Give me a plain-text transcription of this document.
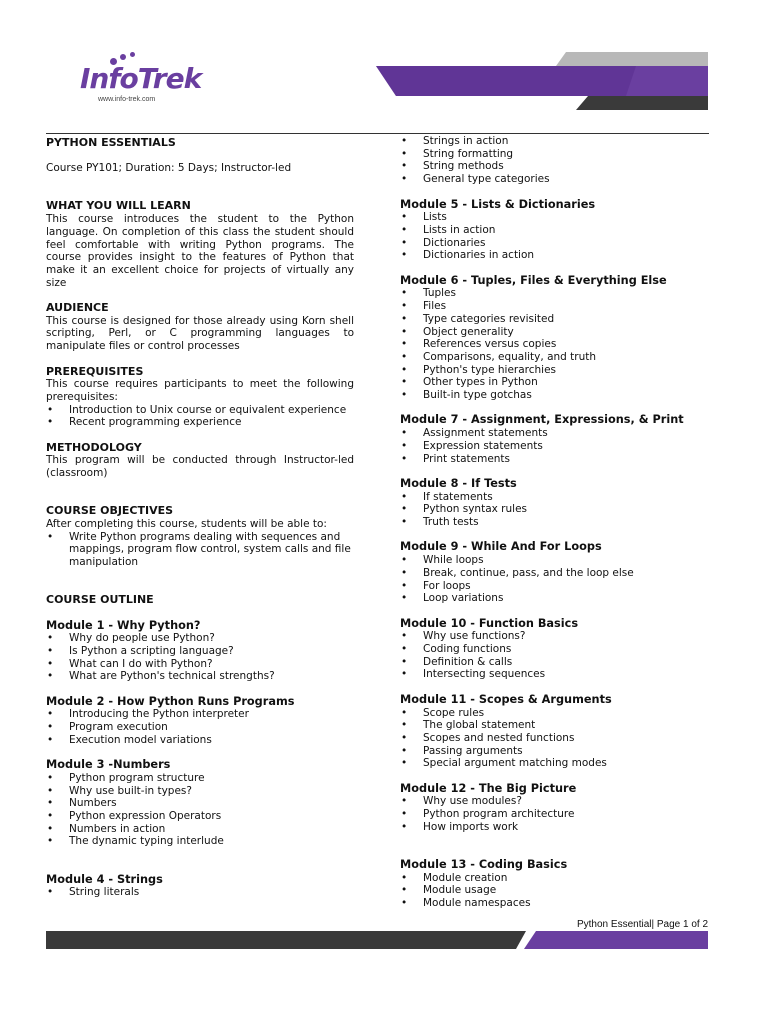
InfoTrek
www.info-trek.com
PYTHON ESSENTIALS
Course PY101; Duration: 5 Days; Instructor-led
WHAT YOU WILL LEARN

This course introduces the student to the Python language. On completion of this class the student should feel comfortable with writing Python programs. The course provides insight to the features of Python that make it an excellent choice for projects of virtually any size

AUDIENCE

This course is designed for those already using Korn shell scripting, Perl, or C programming languages to manipulate files or control processes

PREREQUISITES

This course requires participants to meet the following prerequisites:

• Introduction to Unix course or equivalent experience
• Recent programming experience
METHODOLOGY

This program will be conducted through Instructor-led (classroom)

COURSE OBJECTIVES

After completing this course, students will be able to:

• Write Python programs dealing with sequences and mappings, program flow control, system calls and file manipulation
COURSE OUTLINE
Module 1 - Why Python?
• Why do people use Python?
• Is Python a scripting language?
• What can I do with Python?
• What are Python's technical strengths?
Module 2 - How Python Runs Programs
• Introducing the Python interpreter
• Program execution
• Execution model variations
Module 3 -Numbers
• Python program structure
• Why use built-in types?
• Numbers
• Python expression Operators
• Numbers in action
• The dynamic typing interlude
Module 4 - Strings
• String literals
• Strings in action
• String formatting
• String methods
• General type categories
Module 5 - Lists & Dictionaries
• Lists
• Lists in action
• Dictionaries
• Dictionaries in action
Module 6 - Tuples, Files & Everything Else
• Tuples
• Files
• Type categories revisited
• Object generality
• References versus copies
• Comparisons, equality, and truth
• Python's type hierarchies
• Other types in Python
• Built-in type gotchas
Module 7 - Assignment, Expressions, & Print
• Assignment statements
• Expression statements
• Print statements
Module 8 - If Tests
• If statements
• Python syntax rules
• Truth tests
Module 9 - While And For Loops
• While loops
• Break, continue, pass, and the loop else
• For loops
• Loop variations
Module 10 - Function Basics
• Why use functions?
• Coding functions
• Definition & calls
• Intersecting sequences
Module 11 - Scopes & Arguments
• Scope rules
• The global statement
• Scopes and nested functions
• Passing arguments
• Special argument matching modes
Module 12 - The Big Picture
• Why use modules?
• Python program architecture
• How imports work
Module 13 - Coding Basics
• Module creation
• Module usage
• Module namespaces
Python Essential| Page 1 of 2
